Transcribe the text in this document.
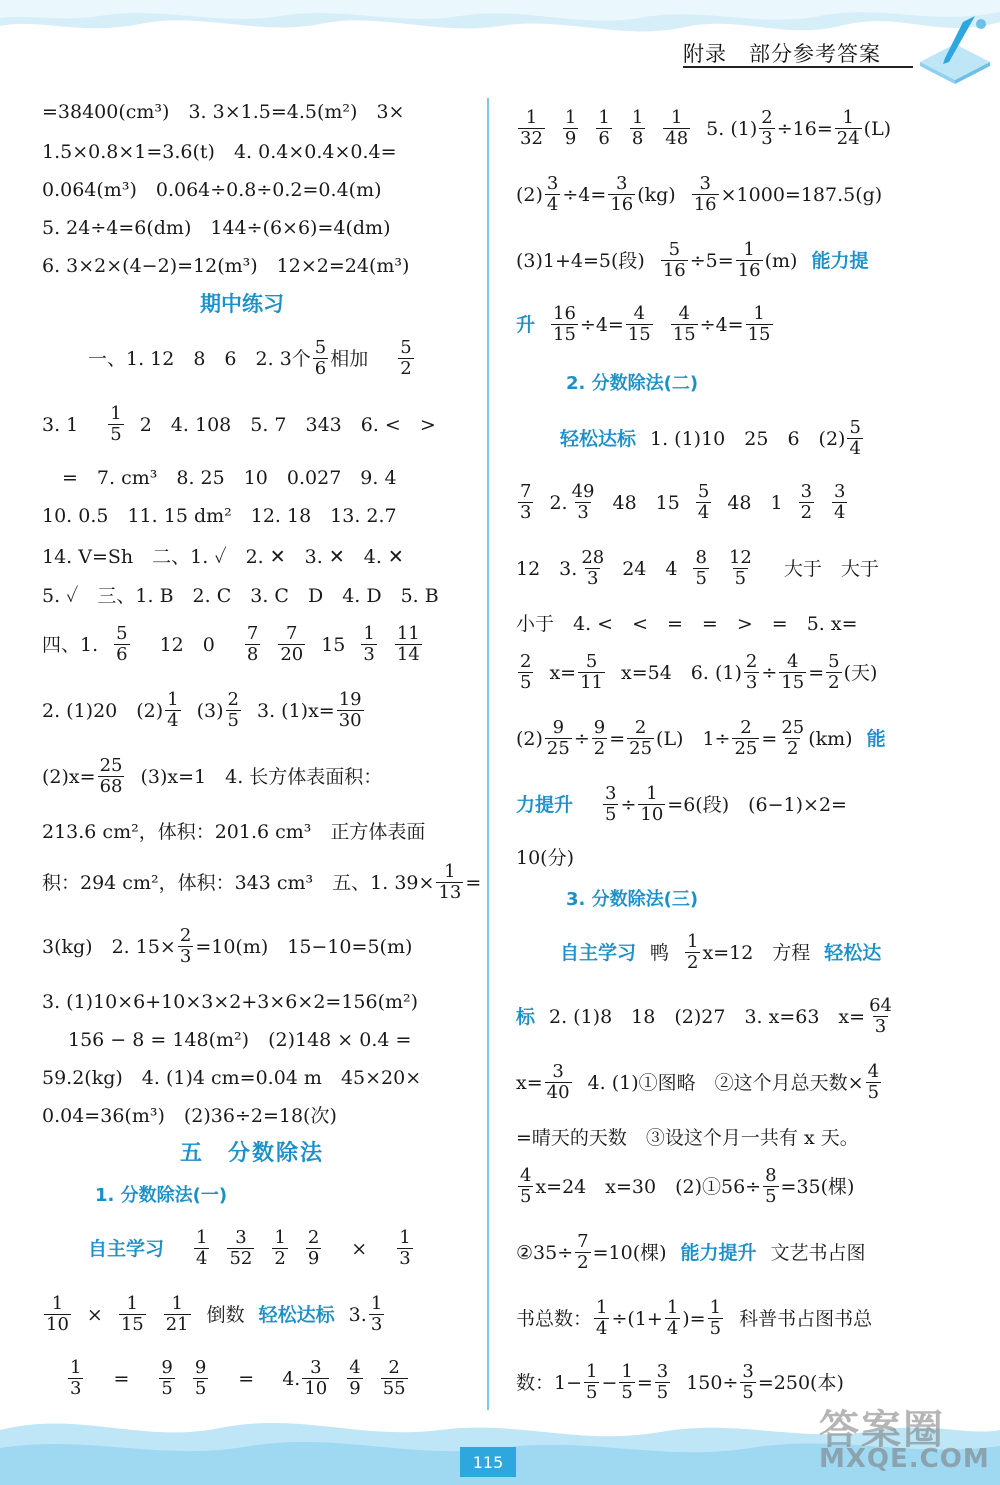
附录　部分参考答案
=38400(cm³)　3. 3×1.5=4.5(m²)　3×
1.5×0.8×1=3.6(t)　4. 0.4×0.4×0.4=
0.064(m³)　0.064÷0.8÷0.2=0.4(m)
5. 24÷4=6(dm)　144÷(6×6)=4(dm)
6. 3×2×(4−2)=12(m³)　12×2=24(m³)
期中练习
一、1. 12　8　6　2. 3个 $\frac{5}{6}$ 相加 $\frac{5}{2}$
3. $1 \frac{1}{5} 2$　4. 108　5. 7　343　6. <　>
=　7. cm³　8. 25　10　0.027　9. 4
10. 0.5　11. 15 dm²　12. 18　13. 2.7
14. V=Sh　二、1. ✓　2. ✕　3. ✕　4. ✕
5. ✓　三、1. B　2. C　3. C　D　4. D　5. B
四、1. $\frac{5}{6} 12$　$0 \frac{7}{8} \frac{7}{20} 15 \frac{1}{3} \frac{11}{14}$
2. (1)20　$(2) \frac{1}{4} (3) \frac{2}{5} 3$. $(1)x= \frac{19}{30}$
$(2)x= \frac{25}{68} (3)x=1$　4. 长方体表面积：
213.6 cm²，体积：201.6 cm³　正方体表面
积：294 cm²，体积：343 cm³　五、1. $39\times \frac{1}{13}$ =
3(kg)　2. $15\times \frac{2}{3} =10(m)$　15−10=5(m)
3. (1)10×6+10×3×2+3×6×2=156(m²)
156 − 8 = 148(m²)　(2)148 × 0.4 =
59.2(kg)　4. (1)4 cm=0.04 m　45×20×
0.04=36(m³)　(2)36÷2=18(次)
五　分数除法
1. 分数除法(一)
自主学习 $\frac{1}{4} \frac{3}{52} \frac{1}{2} \frac{2}{9} \times \frac{1}{3}$
$\frac{1}{10} \times \frac{1}{15} \frac{1}{21}$ 倒数 轻松达标 3. $\frac{1}{3}$
$\frac{1}{3} = \frac{9}{5} \frac{9}{5} = 4$. $\frac{3}{10} \frac{4}{9} \frac{2}{55}$
$\frac{1}{32} \frac{1}{9} \frac{1}{6} \frac{1}{8} \frac{1}{48} 5$. $(1) \frac{2}{3} \div 16= \frac{1}{24} (L)$
$(2) \frac{3}{4} \div 4= \frac{3}{16} (kg) \frac{3}{16} \times 1000=187.5(g)$
(3)1+4=5(段) $\frac{5}{16} \div 5= \frac{1}{16} (m)$ 能力提
升 $\frac{16}{15} \div 4= \frac{4}{15} \frac{4}{15} \div 4= \frac{1}{15}$
2. 分数除法(二)
轻松达标 1. (1)10　25　6　$(2) \frac{5}{4}$
$\frac{7}{3} 2$. $\frac{49}{3} 48$　$15 \frac{5}{4} 48$　$1 \frac{3}{2} \frac{3}{4}$
12　3. $\frac{28}{3} 24$　$4 \frac{8}{5} \frac{12}{5}$ 大于　大于
小于　4. <　<　=　=　>　=　5. x=
$\frac{2}{5} x= \frac{5}{11} x=54$　6. $(1) \frac{2}{3} \div \frac{4}{15} = \frac{5}{2}$ (天)
$(2) \frac{9}{25} \div \frac{9}{2} = \frac{2}{25} (L)$　$1\div \frac{2}{25} = \frac{25}{2} (km)$ 能
力提升 $\frac{3}{5} \div \frac{1}{10} =6$(段)　(6−1)×2=
10(分)
3. 分数除法(三)
自主学习 鸭 $\frac{1}{2} x=12$　方程 轻松达
标 2. (1)8　18　(2)27　3. x=63　$x= \frac{64}{3}$
$x= \frac{3}{40} 4$. (1)①图略　②这个月总天数× $\frac{4}{5}$
=晴天的天数　③设这个月一共有 x 天。
$\frac{4}{5} x=24$　x=30　(2)①56÷ $\frac{8}{5} =35$(棵)
②35÷ $\frac{7}{2} =10$(棵) 能力提升 文艺书占图
书总数： $\frac{1}{4} \div(1+ \frac{1}{4}$ )= $\frac{1}{5}$ 科普书占图书总
数：$1- \frac{1}{5} - \frac{1}{5} = \frac{3}{5} 150\div \frac{3}{5} =250$(本)
115
答案圈
MXQE.COM
